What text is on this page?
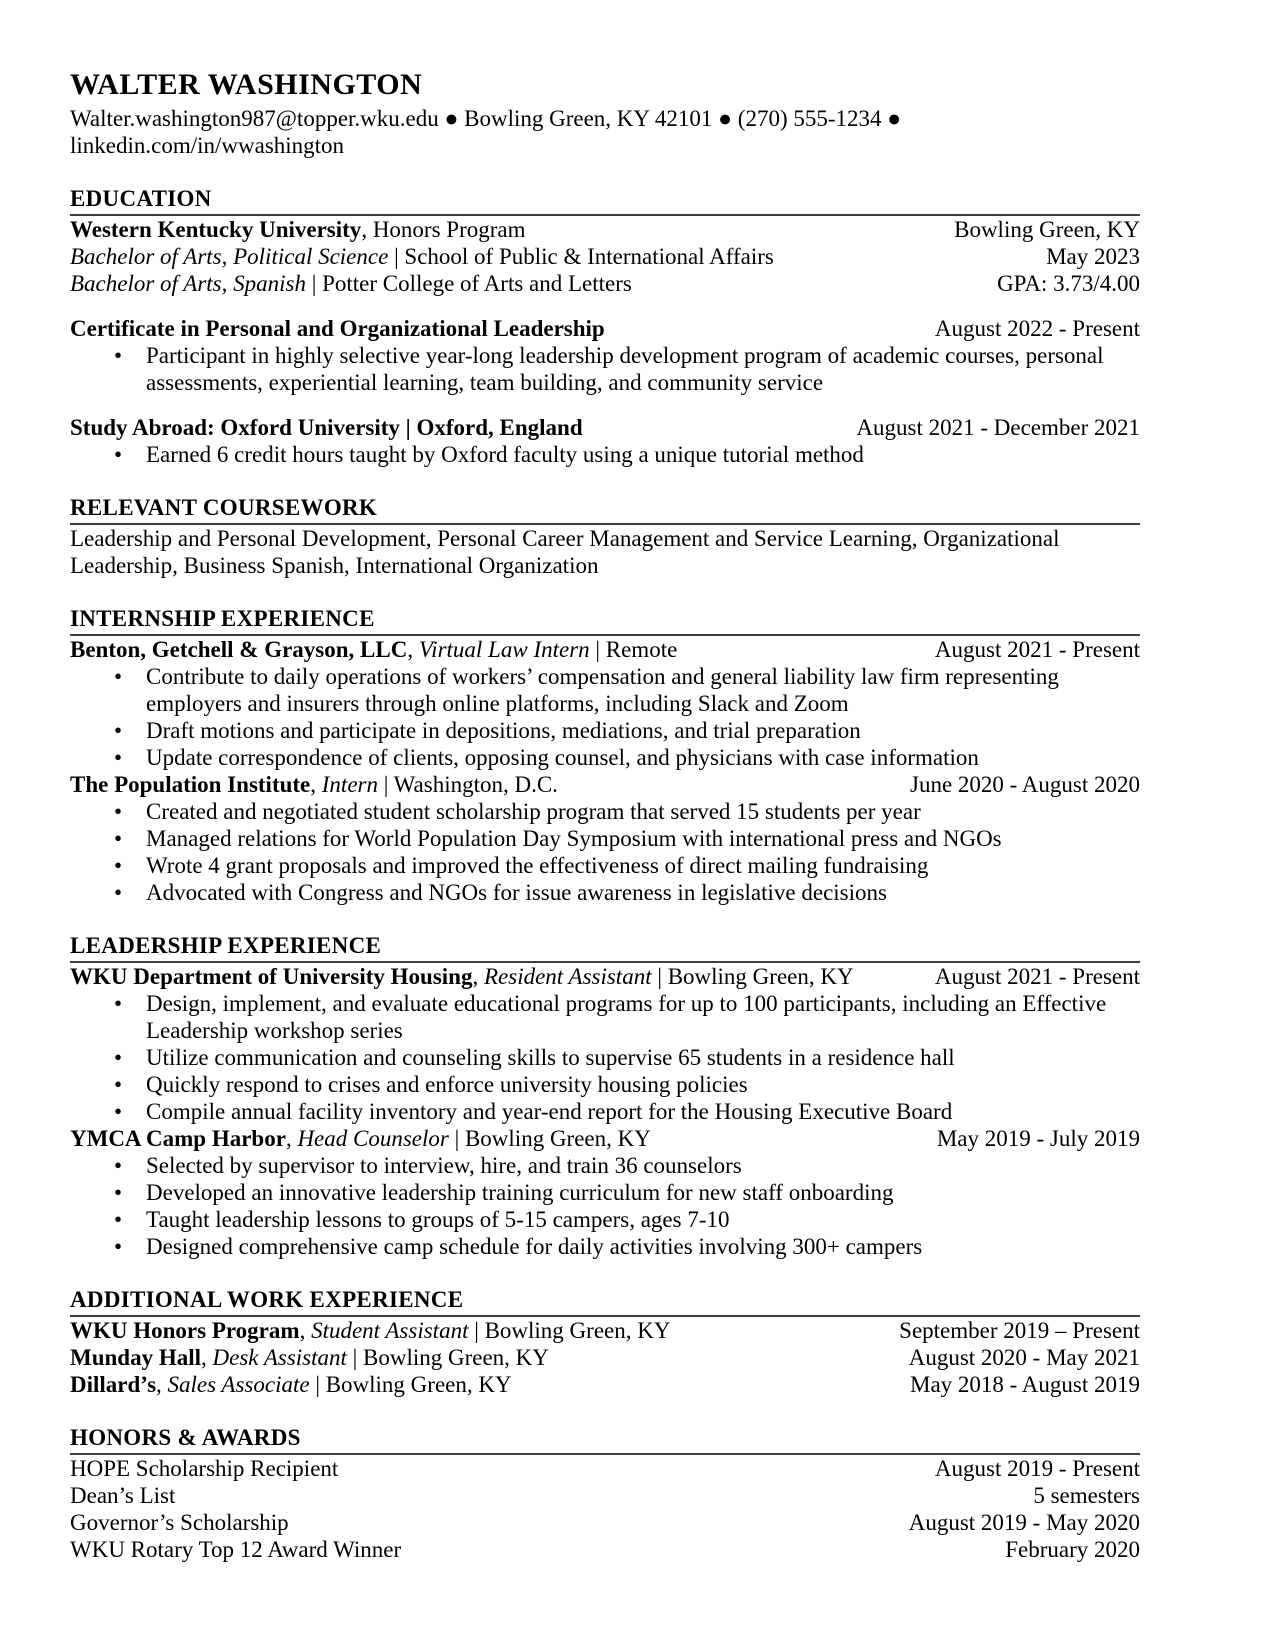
WALTER WASHINGTON
Walter.washington987@topper.wku.edu ● Bowling Green, KY 42101 ● (270) 555-1234 ● linkedin.com/in/wwashington
EDUCATION
Western Kentucky University, Honors Program	Bowling Green, KY
Bachelor of Arts, Political Science | School of Public & International Affairs	May 2023
Bachelor of Arts, Spanish | Potter College of Arts and Letters	GPA: 3.73/4.00
Certificate in Personal and Organizational Leadership	August 2022 - Present
• Participant in highly selective year-long leadership development program of academic courses, personal assessments, experiential learning, team building, and community service
Study Abroad: Oxford University | Oxford, England	August 2021 - December 2021
• Earned 6 credit hours taught by Oxford faculty using a unique tutorial method
RELEVANT COURSEWORK
Leadership and Personal Development, Personal Career Management and Service Learning, Organizational Leadership, Business Spanish, International Organization
INTERNSHIP EXPERIENCE
Benton, Getchell & Grayson, LLC, Virtual Law Intern | Remote	August 2021 - Present
• Contribute to daily operations of workers’ compensation and general liability law firm representing employers and insurers through online platforms, including Slack and Zoom
• Draft motions and participate in depositions, mediations, and trial preparation
• Update correspondence of clients, opposing counsel, and physicians with case information
The Population Institute, Intern | Washington, D.C.	June 2020 - August 2020
• Created and negotiated student scholarship program that served 15 students per year
• Managed relations for World Population Day Symposium with international press and NGOs
• Wrote 4 grant proposals and improved the effectiveness of direct mailing fundraising
• Advocated with Congress and NGOs for issue awareness in legislative decisions
LEADERSHIP EXPERIENCE
WKU Department of University Housing, Resident Assistant | Bowling Green, KY	August 2021 - Present
• Design, implement, and evaluate educational programs for up to 100 participants, including an Effective Leadership workshop series
• Utilize communication and counseling skills to supervise 65 students in a residence hall
• Quickly respond to crises and enforce university housing policies
• Compile annual facility inventory and year-end report for the Housing Executive Board
YMCA Camp Harbor, Head Counselor | Bowling Green, KY	May 2019 - July 2019
• Selected by supervisor to interview, hire, and train 36 counselors
• Developed an innovative leadership training curriculum for new staff onboarding
• Taught leadership lessons to groups of 5-15 campers, ages 7-10
• Designed comprehensive camp schedule for daily activities involving 300+ campers
ADDITIONAL WORK EXPERIENCE
WKU Honors Program, Student Assistant | Bowling Green, KY	September 2019 – Present
Munday Hall, Desk Assistant | Bowling Green, KY	August 2020 - May 2021
Dillard’s, Sales Associate | Bowling Green, KY	May 2018 - August 2019
HONORS & AWARDS
HOPE Scholarship Recipient	August 2019 - Present
Dean’s List	5 semesters
Governor’s Scholarship	August 2019 - May 2020
WKU Rotary Top 12 Award Winner	February 2020
